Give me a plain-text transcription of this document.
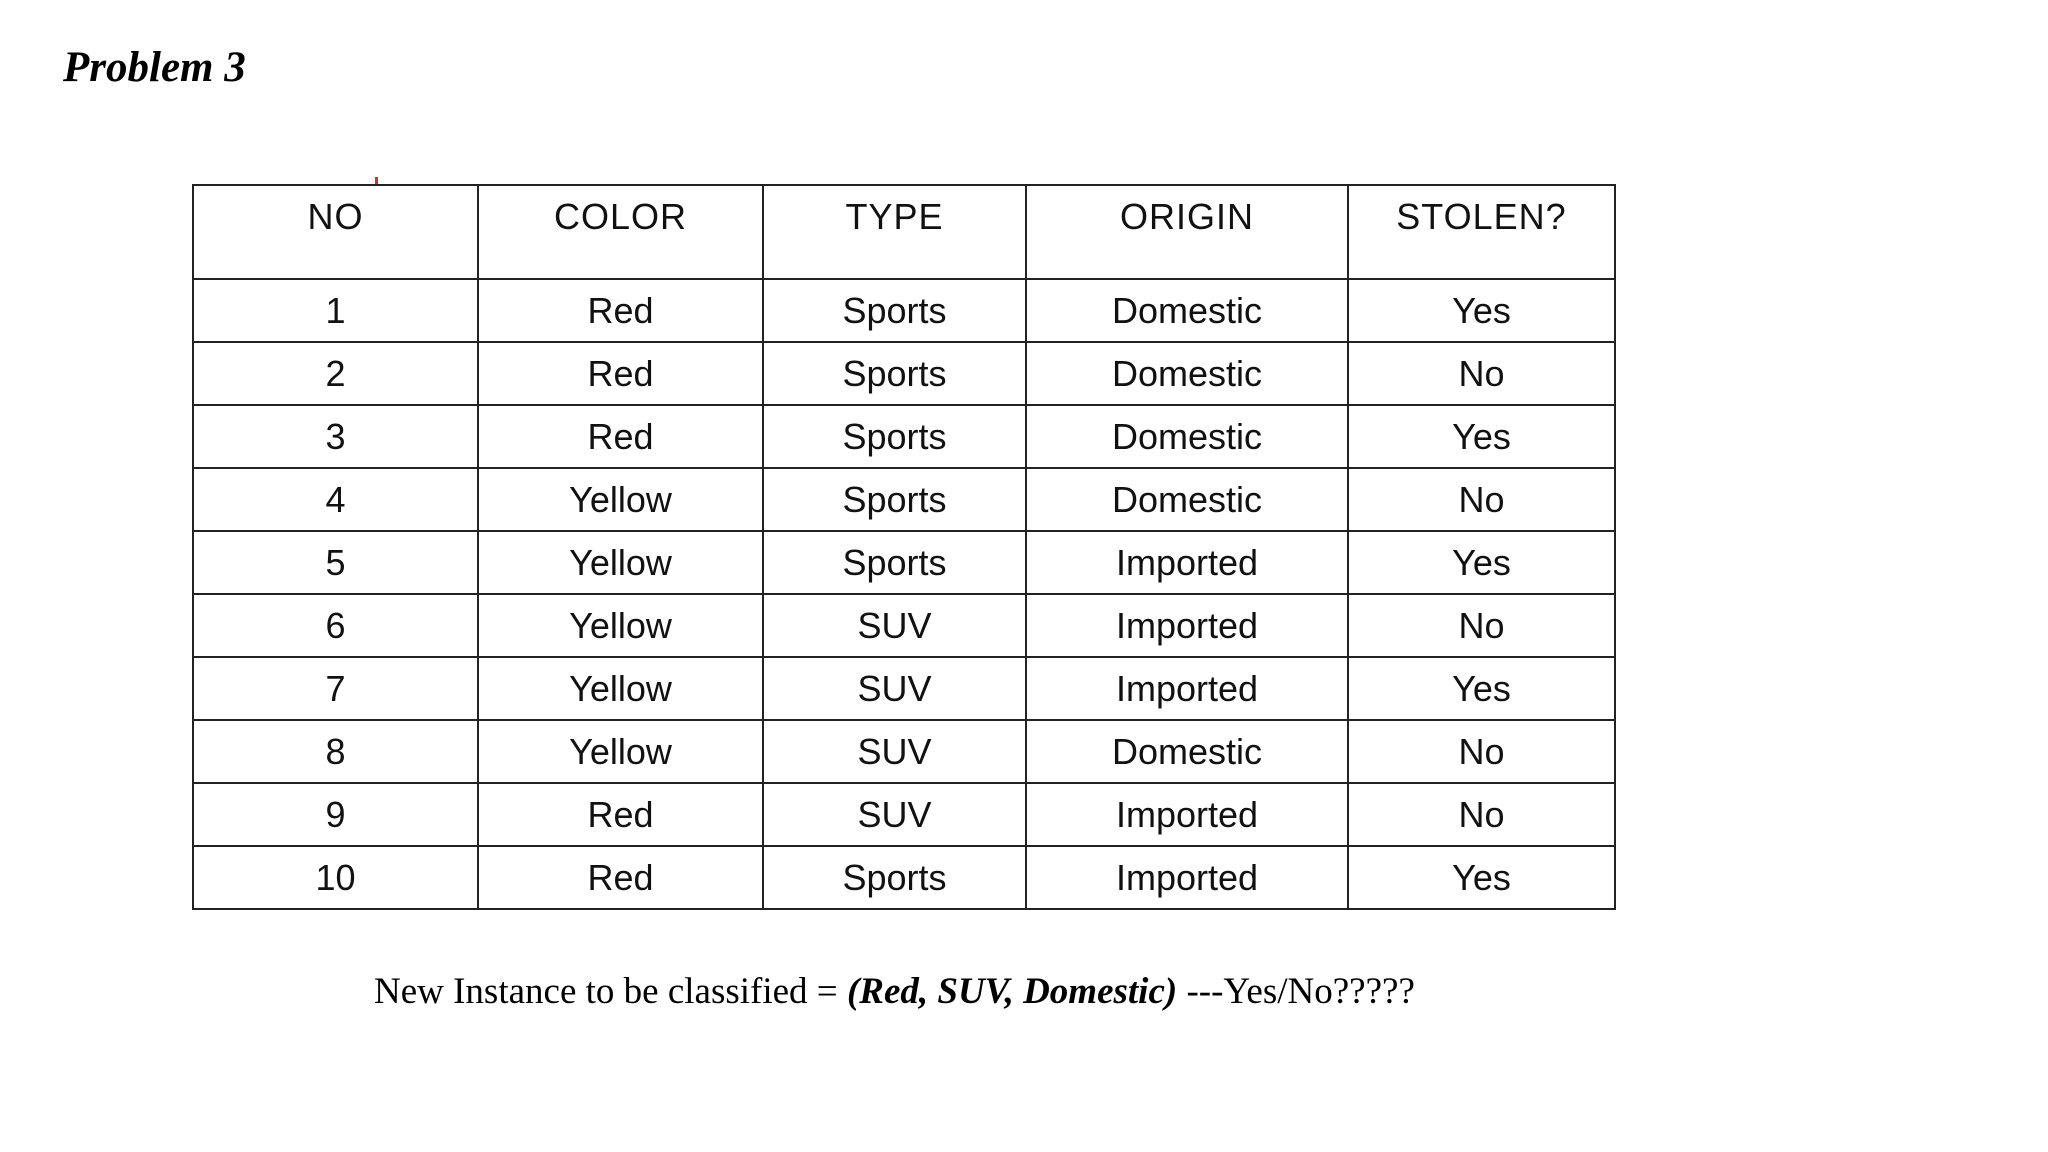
Problem 3
NO	COLOR	TYPE	ORIGIN	STOLEN?
1	Red	Sports	Domestic	Yes
2	Red	Sports	Domestic	No
3	Red	Sports	Domestic	Yes
4	Yellow	Sports	Domestic	No
5	Yellow	Sports	Imported	Yes
6	Yellow	SUV	Imported	No
7	Yellow	SUV	Imported	Yes
8	Yellow	SUV	Domestic	No
9	Red	SUV	Imported	No
10	Red	Sports	Imported	Yes

New Instance to be classified = (Red, SUV, Domestic) ---Yes/No?????
